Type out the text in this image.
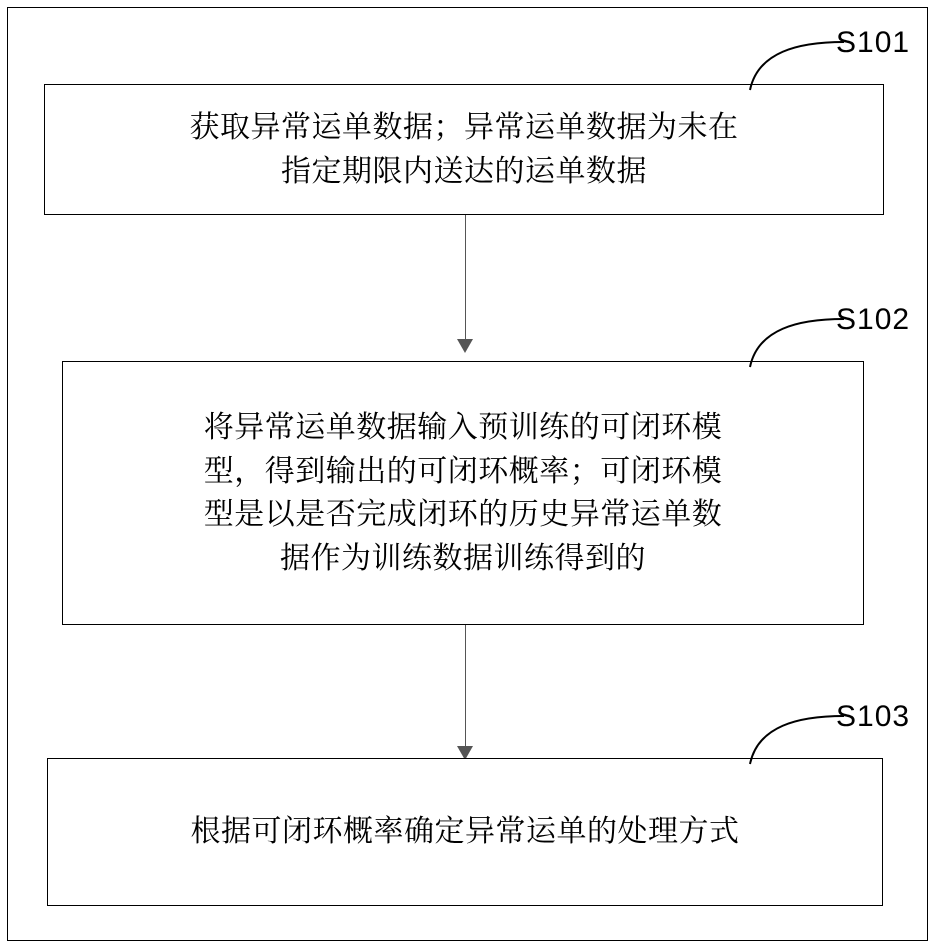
获取异常运单数据；异常运单数据为未在
指定期限内送达的运单数据
S101
将异常运单数据输入预训练的可闭环模
型，得到输出的可闭环概率；可闭环模
型是以是否完成闭环的历史异常运单数
据作为训练数据训练得到的
S102
根据可闭环概率确定异常运单的处理方式
S103
